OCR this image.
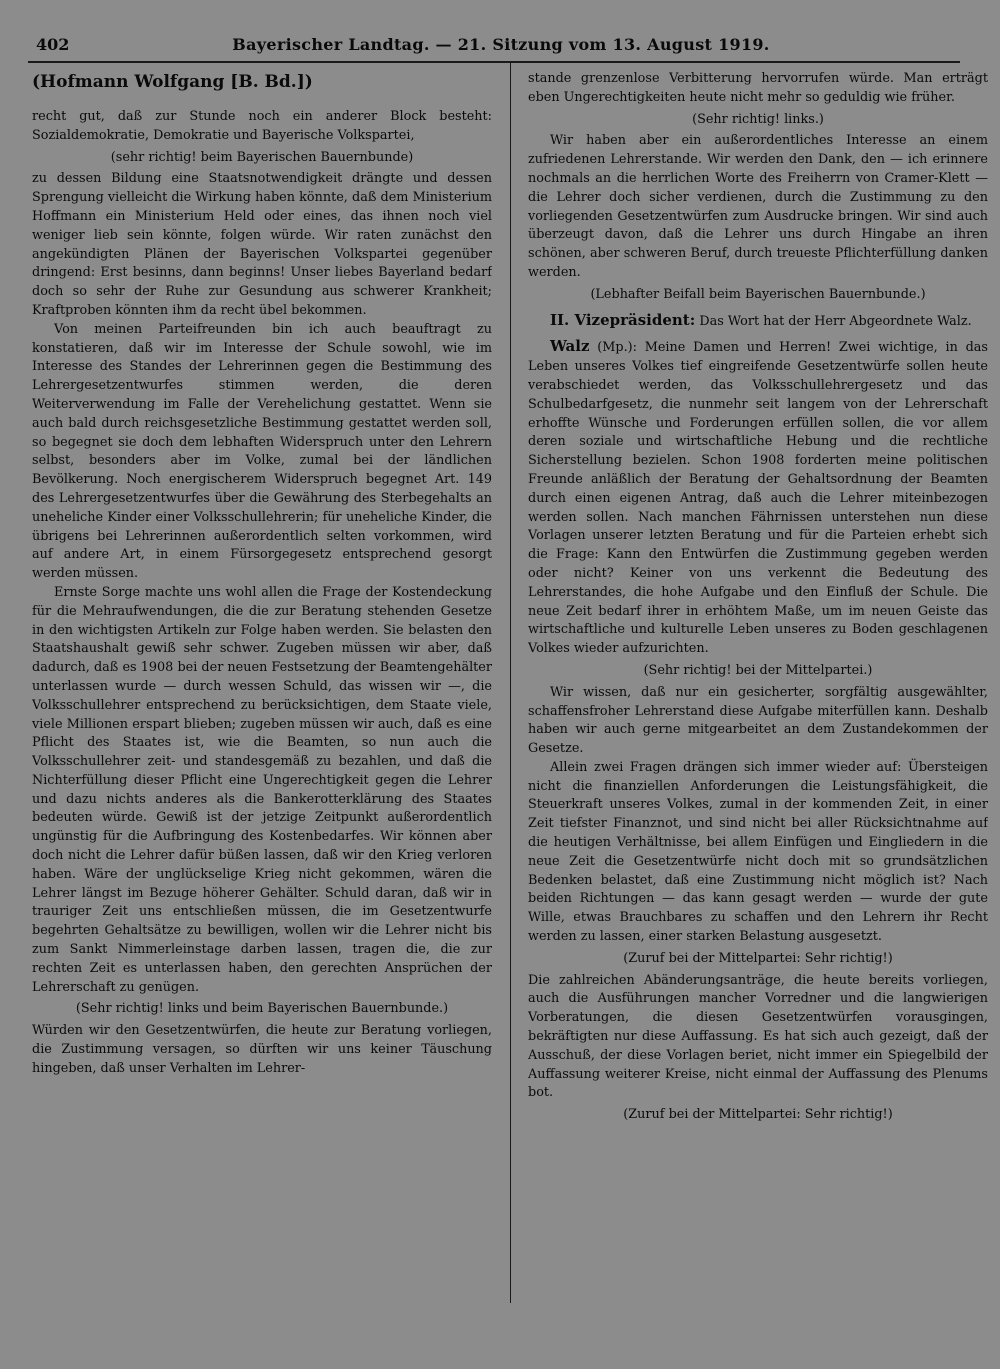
402	Bayerischer Landtag. — 21. Sitzung vom 13. August 1919.

(Hofmann Wolfgang [B. Bd.])

recht gut, daß zur Stunde noch ein anderer Block besteht: Sozialdemokratie, Demokratie und Bayerische Volkspartei,

(sehr richtig! beim Bayerischen Bauernbunde)

zu dessen Bildung eine Staatsnotwendigkeit drängte und dessen Sprengung vielleicht die Wirkung haben könnte, daß dem Ministerium Hoffmann ein Ministerium Held oder eines, das ihnen noch viel weniger lieb sein könnte, folgen würde. Wir raten zunächst den angekündigten Plänen der Bayerischen Volkspartei gegenüber dringend: Erst besinns, dann beginns! Unser liebes Bayerland bedarf doch so sehr der Ruhe zur Gesundung aus schwerer Krankheit; Kraftproben könnten ihm da recht übel bekommen.

Von meinen Parteifreunden bin ich auch beauftragt zu konstatieren, daß wir im Interesse der Schule sowohl, wie im Interesse des Standes der Lehrerinnen gegen die Bestimmung des Lehrergesetzentwurfes stimmen werden, die deren Weiterverwendung im Falle der Verehelichung gestattet. Wenn sie auch bald durch reichsgesetzliche Bestimmung gestattet werden soll, so begegnet sie doch dem lebhaften Widerspruch unter den Lehrern selbst, besonders aber im Volke, zumal bei der ländlichen Bevölkerung. Noch energischerem Widerspruch begegnet Art. 149 des Lehrergesetzentwurfes über die Gewährung des Sterbegehalts an uneheliche Kinder einer Volksschullehrerin; für uneheliche Kinder, die übrigens bei Lehrerinnen außerordentlich selten vorkommen, wird auf andere Art, in einem Fürsorgegesetz entsprechend gesorgt werden müssen.

Ernste Sorge machte uns wohl allen die Frage der Kostendeckung für die Mehraufwendungen, die die zur Beratung stehenden Gesetze in den wichtigsten Artikeln zur Folge haben werden. Sie belasten den Staatshaushalt gewiß sehr schwer. Zugeben müssen wir aber, daß dadurch, daß es 1908 bei der neuen Festsetzung der Beamtengehälter unterlassen wurde — durch wessen Schuld, das wissen wir —, die Volksschullehrer entsprechend zu berücksichtigen, dem Staate viele, viele Millionen erspart blieben; zugeben müssen wir auch, daß es eine Pflicht des Staates ist, wie die Beamten, so nun auch die Volksschullehrer zeit- und standesgemäß zu bezahlen, und daß die Nichterfüllung dieser Pflicht eine Ungerechtigkeit gegen die Lehrer und dazu nichts anderes als die Bankerotterklärung des Staates bedeuten würde. Gewiß ist der jetzige Zeitpunkt außerordentlich ungünstig für die Aufbringung des Kostenbedarfes. Wir können aber doch nicht die Lehrer dafür büßen lassen, daß wir den Krieg verloren haben. Wäre der unglückselige Krieg nicht gekommen, wären die Lehrer längst im Bezuge höherer Gehälter. Schuld daran, daß wir in trauriger Zeit uns entschließen müssen, die im Gesetzentwurfe begehrten Gehaltsätze zu bewilligen, wollen wir die Lehrer nicht bis zum Sankt Nimmerleinstage darben lassen, tragen die, die zur rechten Zeit es unterlassen haben, den gerechten Ansprüchen der Lehrerschaft zu genügen.

(Sehr richtig! links und beim Bayerischen Bauernbunde.)

Würden wir den Gesetzentwürfen, die heute zur Beratung vorliegen, die Zustimmung versagen, so dürften wir uns keiner Täuschung hingeben, daß unser Verhalten im Lehrer-

stande grenzenlose Verbitterung hervorrufen würde. Man erträgt eben Ungerechtigkeiten heute nicht mehr so geduldig wie früher.

(Sehr richtig! links.)

Wir haben aber ein außerordentliches Interesse an einem zufriedenen Lehrerstande. Wir werden den Dank, den — ich erinnere nochmals an die herrlichen Worte des Freiherrn von Cramer-Klett — die Lehrer doch sicher verdienen, durch die Zustimmung zu den vorliegenden Gesetzentwürfen zum Ausdrucke bringen. Wir sind auch überzeugt davon, daß die Lehrer uns durch Hingabe an ihren schönen, aber schweren Beruf, durch treueste Pflichterfüllung danken werden.

(Lebhafter Beifall beim Bayerischen Bauernbunde.)

II. Vizepräsident: Das Wort hat der Herr Abgeordnete Walz.

Walz (Mp.): Meine Damen und Herren! Zwei wichtige, in das Leben unseres Volkes tief eingreifende Gesetzentwürfe sollen heute verabschiedet werden, das Volksschullehrergesetz und das Schulbedarfgesetz, die nunmehr seit langem von der Lehrerschaft erhoffte Wünsche und Forderungen erfüllen sollen, die vor allem deren soziale und wirtschaftliche Hebung und die rechtliche Sicherstellung bezielen. Schon 1908 forderten meine politischen Freunde anläßlich der Beratung der Gehaltsordnung der Beamten durch einen eigenen Antrag, daß auch die Lehrer miteinbezogen werden sollen. Nach manchen Fährnissen unterstehen nun diese Vorlagen unserer letzten Beratung und für die Parteien erhebt sich die Frage: Kann den Entwürfen die Zustimmung gegeben werden oder nicht? Keiner von uns verkennt die Bedeutung des Lehrerstandes, die hohe Aufgabe und den Einfluß der Schule. Die neue Zeit bedarf ihrer in erhöhtem Maße, um im neuen Geiste das wirtschaftliche und kulturelle Leben unseres zu Boden geschlagenen Volkes wieder aufzurichten.

(Sehr richtig! bei der Mittelpartei.)

Wir wissen, daß nur ein gesicherter, sorgfältig ausgewählter, schaffensfroher Lehrerstand diese Aufgabe miterfüllen kann. Deshalb haben wir auch gerne mitgearbeitet an dem Zustandekommen der Gesetze.

Allein zwei Fragen drängen sich immer wieder auf: Übersteigen nicht die finanziellen Anforderungen die Leistungsfähigkeit, die Steuerkraft unseres Volkes, zumal in der kommenden Zeit, in einer Zeit tiefster Finanznot, und sind nicht bei aller Rücksichtnahme auf die heutigen Verhältnisse, bei allem Einfügen und Eingliedern in die neue Zeit die Gesetzentwürfe nicht doch mit so grundsätzlichen Bedenken belastet, daß eine Zustimmung nicht möglich ist? Nach beiden Richtungen — das kann gesagt werden — wurde der gute Wille, etwas Brauchbares zu schaffen und den Lehrern ihr Recht werden zu lassen, einer starken Belastung ausgesetzt.

(Zuruf bei der Mittelpartei: Sehr richtig!)

Die zahlreichen Abänderungsanträge, die heute bereits vorliegen, auch die Ausführungen mancher Vorredner und die langwierigen Vorberatungen, die diesen Gesetzentwürfen vorausgingen, bekräftigten nur diese Auffassung. Es hat sich auch gezeigt, daß der Ausschuß, der diese Vorlagen beriet, nicht immer ein Spiegelbild der Auffassung weiterer Kreise, nicht einmal der Auffassung des Plenums bot.

(Zuruf bei der Mittelpartei: Sehr richtig!)
